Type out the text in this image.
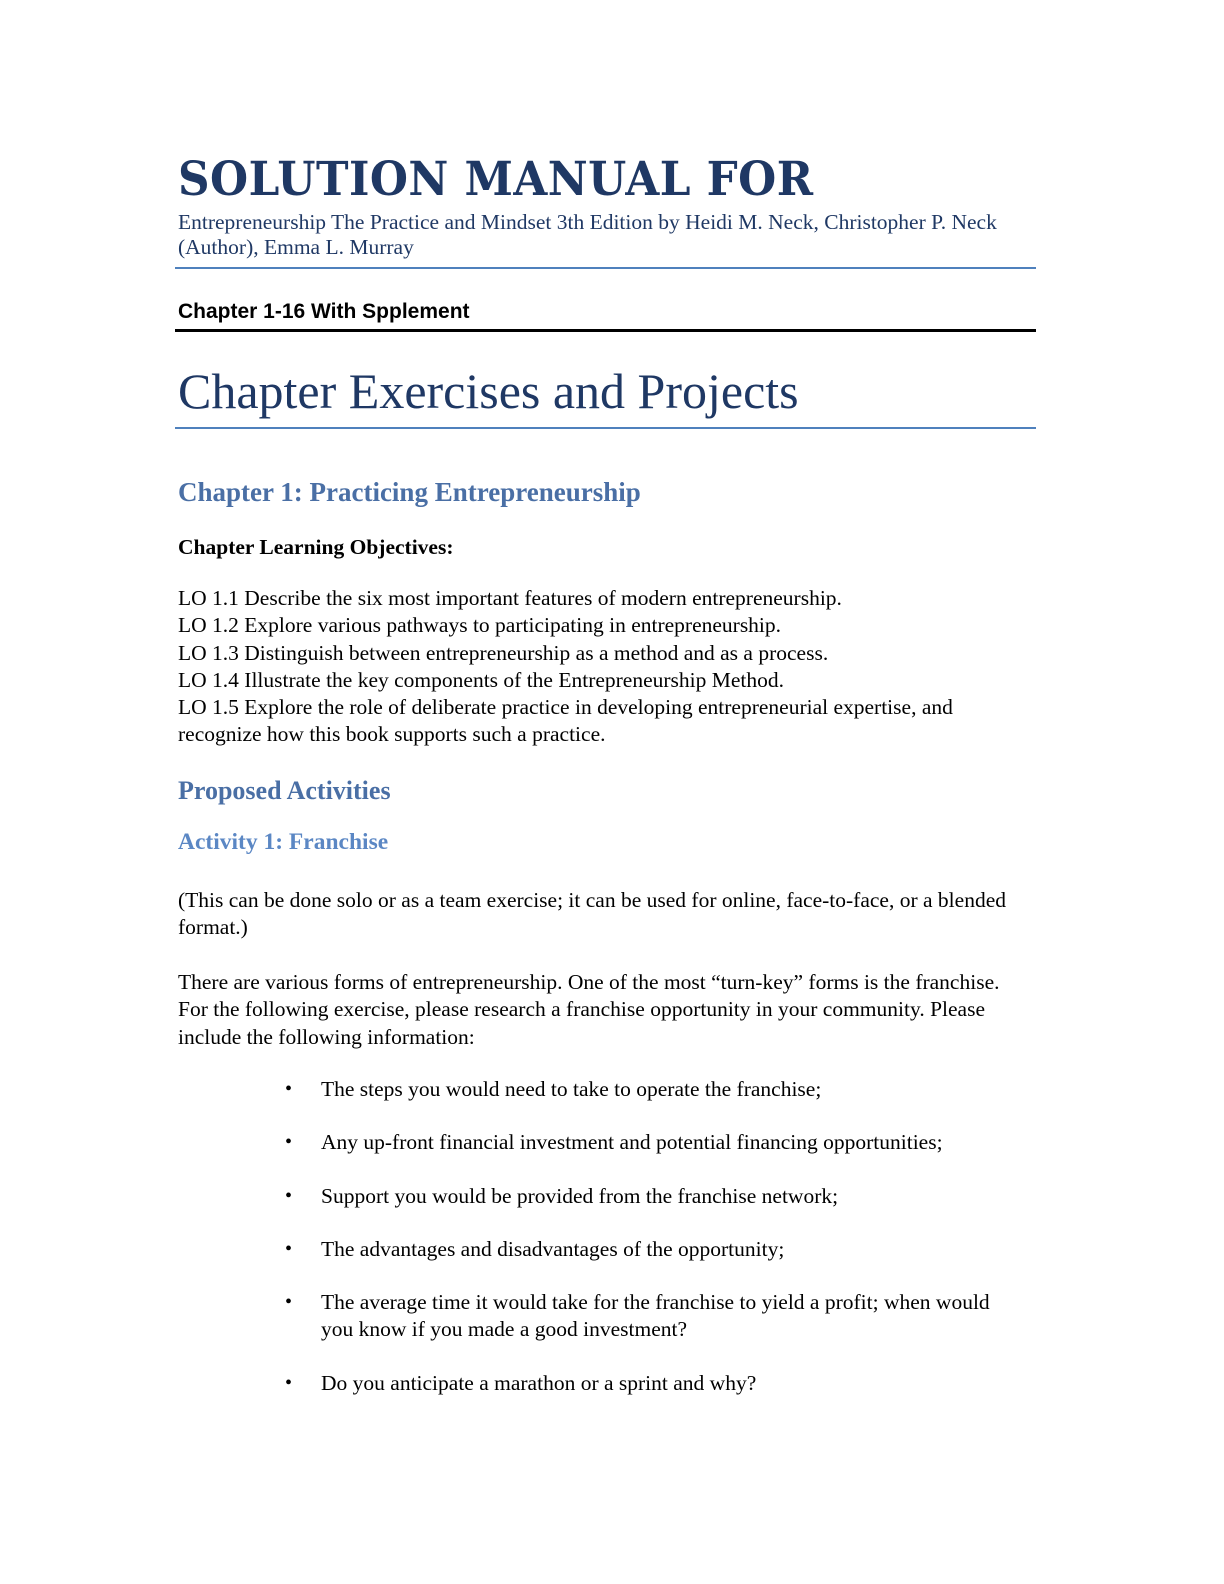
SOLUTION MANUAL FOR
Entrepreneurship The Practice and Mindset 3th Edition by Heidi M. Neck, Christopher P. Neck (Author), Emma L. Murray
Chapter 1-16 With Spplement
Chapter Exercises and Projects
Chapter 1: Practicing Entrepreneurship
Chapter Learning Objectives:
LO 1.1 Describe the six most important features of modern entrepreneurship.
LO 1.2 Explore various pathways to participating in entrepreneurship.
LO 1.3 Distinguish between entrepreneurship as a method and as a process.
LO 1.4 Illustrate the key components of the Entrepreneurship Method.
LO 1.5 Explore the role of deliberate practice in developing entrepreneurial expertise, and recognize how this book supports such a practice.
Proposed Activities
Activity 1: Franchise
(This can be done solo or as a team exercise; it can be used for online, face-to-face, or a blended format.)
There are various forms of entrepreneurship. One of the most “turn-key” forms is the franchise. For the following exercise, please research a franchise opportunity in your community. Please include the following information:
• The steps you would need to take to operate the franchise;
• Any up-front financial investment and potential financing opportunities;
• Support you would be provided from the franchise network;
• The advantages and disadvantages of the opportunity;
• The average time it would take for the franchise to yield a profit; when would you know if you made a good investment?
• Do you anticipate a marathon or a sprint and why?
